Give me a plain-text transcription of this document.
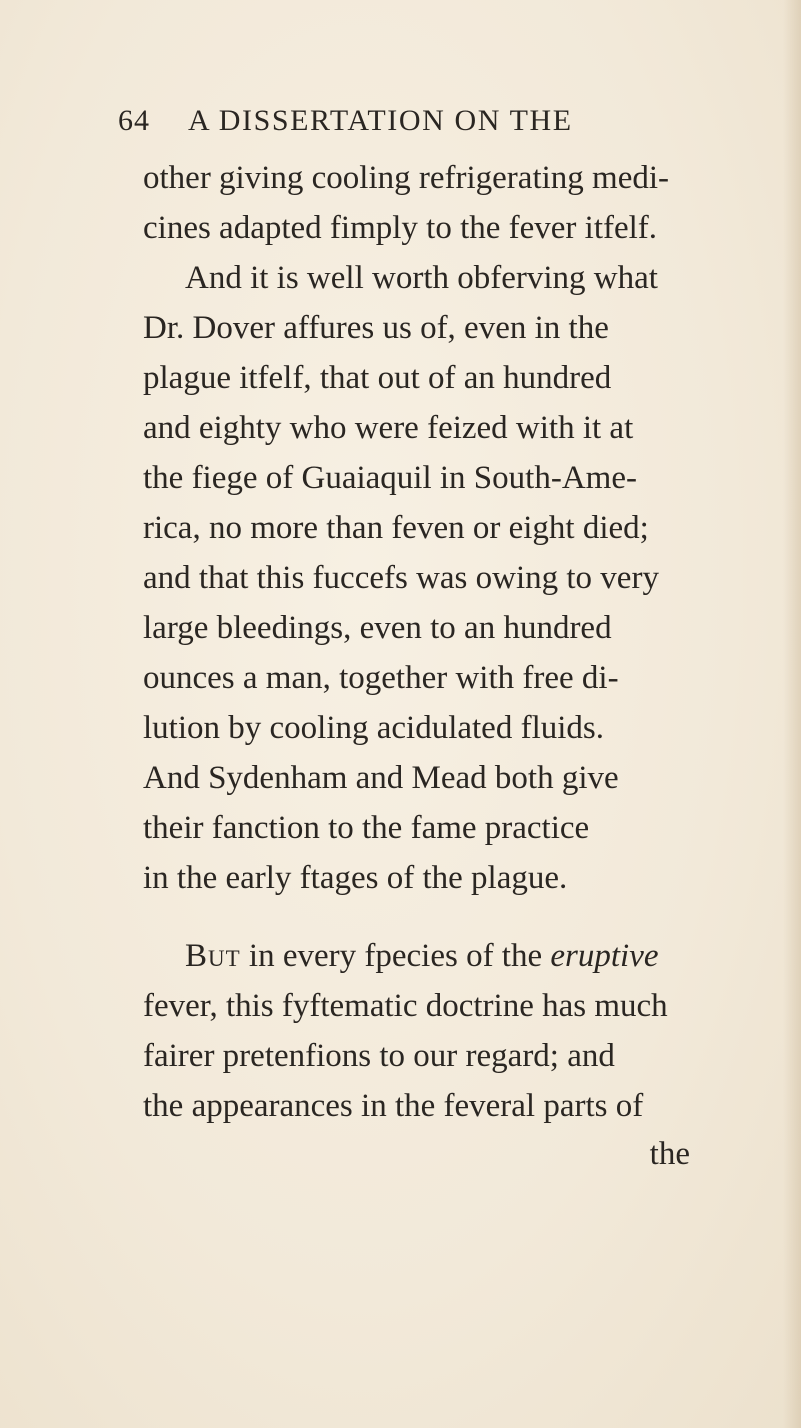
64 A DISSERTATION ON THE
other giving cooling refrigerating medi-
cines adapted fimply to the fever itfelf.
And it is well worth obferving what
Dr. Dover affures us of, even in the
plague itfelf, that out of an hundred
and eighty who were feized with it at
the fiege of Guaiaquil in South-Ame-
rica, no more than feven or eight died;
and that this fuccefs was owing to very
large bleedings, even to an hundred
ounces a man, together with free di-
lution by cooling acidulated fluids.
And Sydenham and Mead both give
their fanction to the fame practice
in the early ftages of the plague.
But in every fpecies of the eruptive
fever, this fyftematic doctrine has much
fairer pretenfions to our regard; and
the appearances in the feveral parts of
the
